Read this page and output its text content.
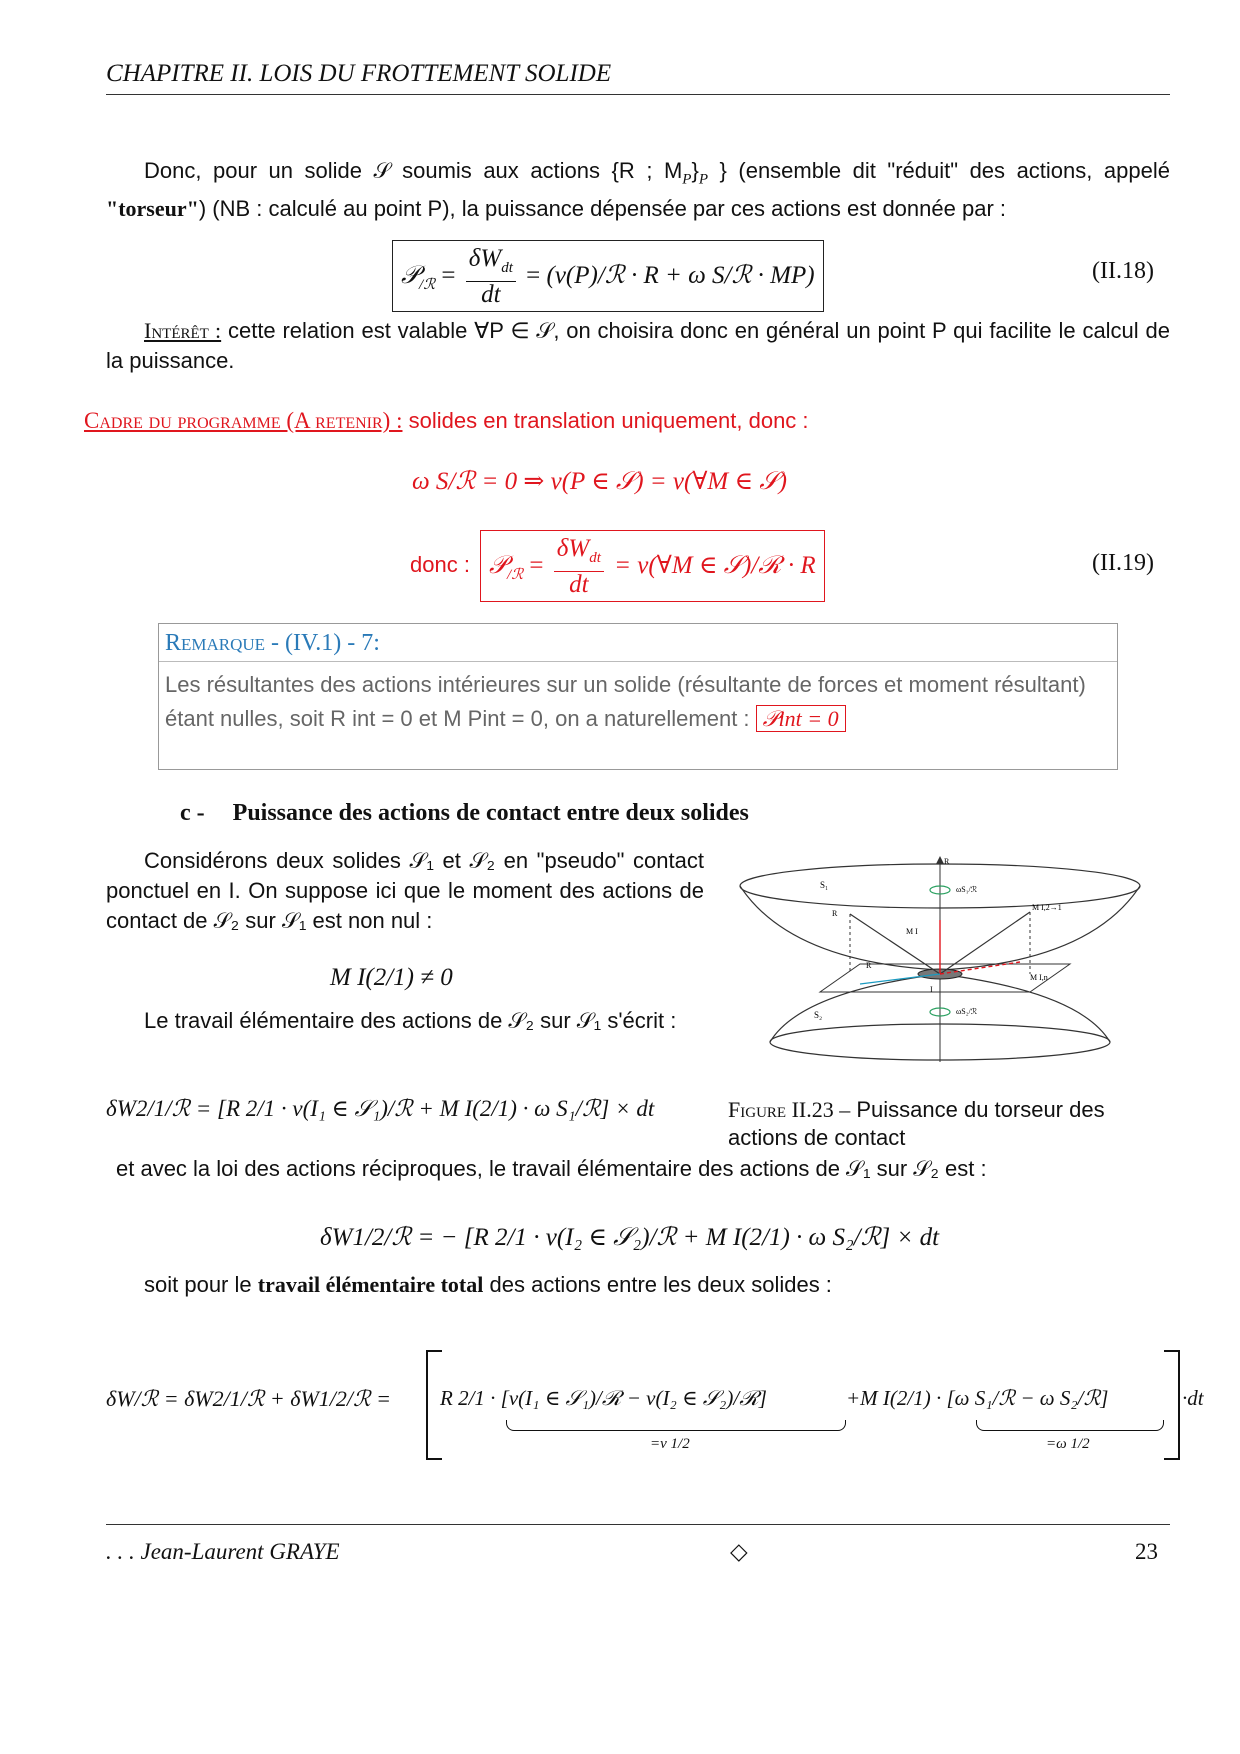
CHAPITRE II. LOIS DU FROTTEMENT SOLIDE
Donc, pour un solide 𝒮 soumis aux actions {R ; $M_P\}_P$ } (ensemble dit "réduit" des actions, appelé "torseur") (NB : calculé au point P), la puissance dépensée par ces actions est donnée par :
𝒫$_{/ℛ}$ = $\frac{\delta W_{dt}}{dt}$ = (v(P)/ℛ · R + ω S/ℛ · MP)	(II.18)
Intérêt : cette relation est valable ∀P ∈ 𝒮, on choisira donc en général un point P qui facilite le calcul de la puissance.
Cadre du programme (A retenir) : solides en translation uniquement, donc :
ω S/ℛ = 0 ⇒ v(P ∈ 𝒮) = v(∀M ∈ 𝒮)
donc : 𝒫$_{/ℛ}$ = $\frac{\delta W_{dt}}{dt}$ = v(∀M ∈ 𝒮)/ℛ · R	(II.19)
Remarque - (IV.1) - 7:
Les résultantes des actions intérieures sur un solide (résultante de forces et moment résultant)
étant nulles, soit R int = 0 et M Pint = 0, on a naturellement : 𝒫int = 0
c - Puissance des actions de contact entre deux solides
Considérons deux solides 𝒮₁ et 𝒮₂ en "pseudo" contact ponctuel en I. On suppose ici que le moment des actions de contact de 𝒮₂ sur 𝒮₁ est non nul :
M I(2/1) ≠ 0
Le travail élémentaire des actions de 𝒮₂ sur 𝒮₁ s'écrit :
R
S₁	ωS₁/ℛ
R
M I,2→1
M I
R
I
M I,n
S₂	ωS₂/ℛ
δW2/1/ℛ = [R 2/1 · v(I₁ ∈ 𝒮₁)/ℛ + M I(2/1) · ω S₁/ℛ] × dt	Figure II.23 – Puissance du torseur des actions de contact
et avec la loi des actions réciproques, le travail élémentaire des actions de 𝒮₁ sur 𝒮₂ est :
δW1/2/ℛ = − [R 2/1 · v(I₂ ∈ 𝒮₂)/ℛ + M I(2/1) · ω S₂/ℛ] × dt
soit pour le travail élémentaire total des actions entre les deux solides :
δW/ℛ = δW2/1/ℛ + δW1/2/ℛ = R 2/1 · [v(I₁ ∈ 𝒮₁)/ℛ − v(I₂ ∈ 𝒮₂)/ℛ]
=v 1/2
+M I(2/1) · [ω S₁/ℛ − ω S₂/ℛ]
=ω 1/2
·dt
. . . Jean-Laurent GRAYE	◇	23
